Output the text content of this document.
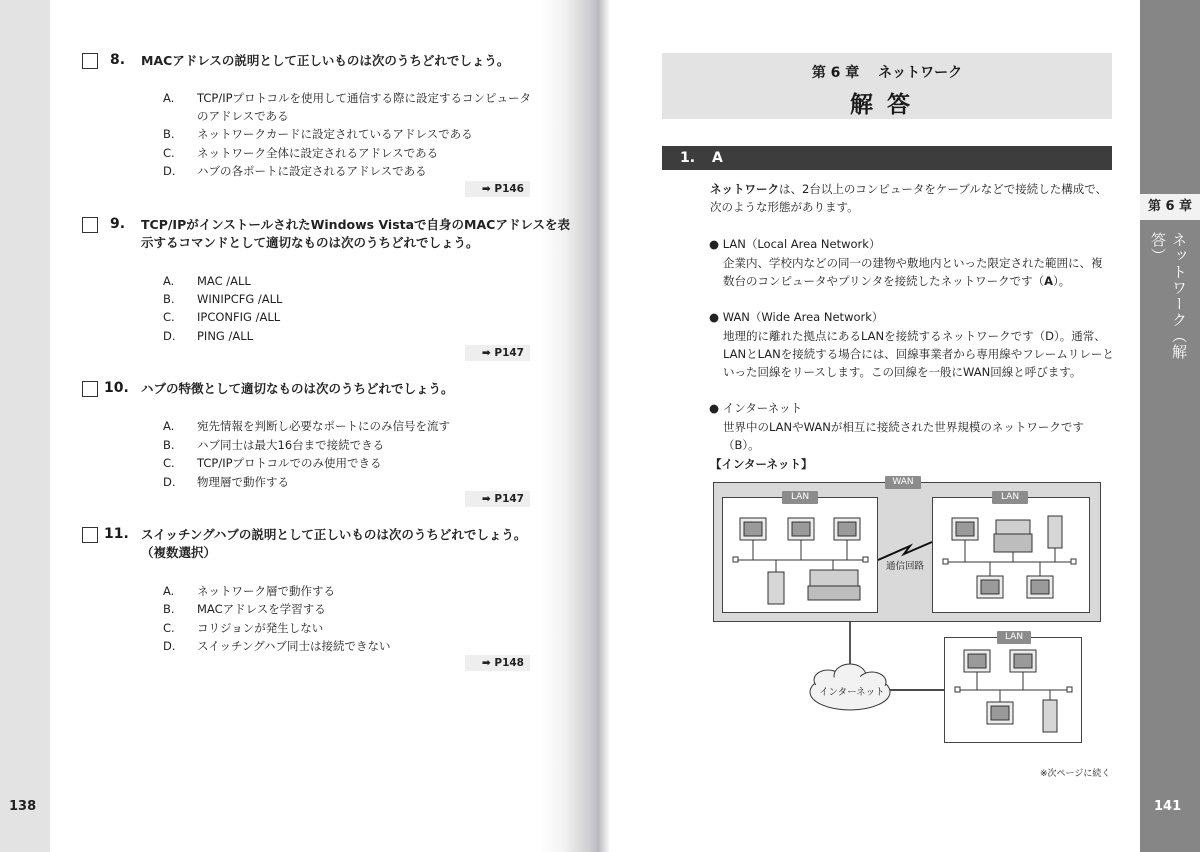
第 6 章
ネットワーク（解答）
138	141
8. MACアドレスの説明として正しいものは次のうちどれでしょう。
A. TCP/IPプロトコルを使用して通信する際に設定するコンピュータ
のアドレスである
B. ネットワークカードに設定されているアドレスである
C. ネットワーク全体に設定されるアドレスである
D. ハブの各ポートに設定されるアドレスである
➡ P146
9. TCP/IPがインストールされたWindows Vistaで自身のMACアドレスを表
示するコマンドとして適切なものは次のうちどれでしょう。
A. MAC /ALL
B. WINIPCFG /ALL
C. IPCONFIG /ALL
D. PING /ALL
➡ P147
10. ハブの特徴として適切なものは次のうちどれでしょう。
A. 宛先情報を判断し必要なポートにのみ信号を流す
B. ハブ同士は最大16台まで接続できる
C. TCP/IPプロトコルでのみ使用できる
D. 物理層で動作する
➡ P147
11. スイッチングハブの説明として正しいものは次のうちどれでしょう。
（複数選択）
A. ネットワーク層で動作する
B. MACアドレスを学習する
C. コリジョンが発生しない
D. スイッチングハブ同士は接続できない
➡ P148
第 6 章　 ネットワーク
解答
1. A
ネットワークは、2台以上のコンピュータをケーブルなどで接続した構成で、
次のような形態があります。
● LAN（Local Area Network）
企業内、学校内などの同一の建物や敷地内といった限定された範囲に、複
数台のコンピュータやプリンタを接続したネットワークです（A）。
● WAN（Wide Area Network）
地理的に離れた拠点にあるLANを接続するネットワークです（D）。通常、
LANとLANを接続する場合には、回線事業者から専用線やフレームリレーと
いった回線をリースします。この回線を一般にWAN回線と呼びます。
● インターネット
世界中のLANやWANが相互に接続された世界規模のネットワークです（B）。
【インターネット】
WAN
LAN	LAN
LAN
通信回路
インターネット
※次ページに続く
